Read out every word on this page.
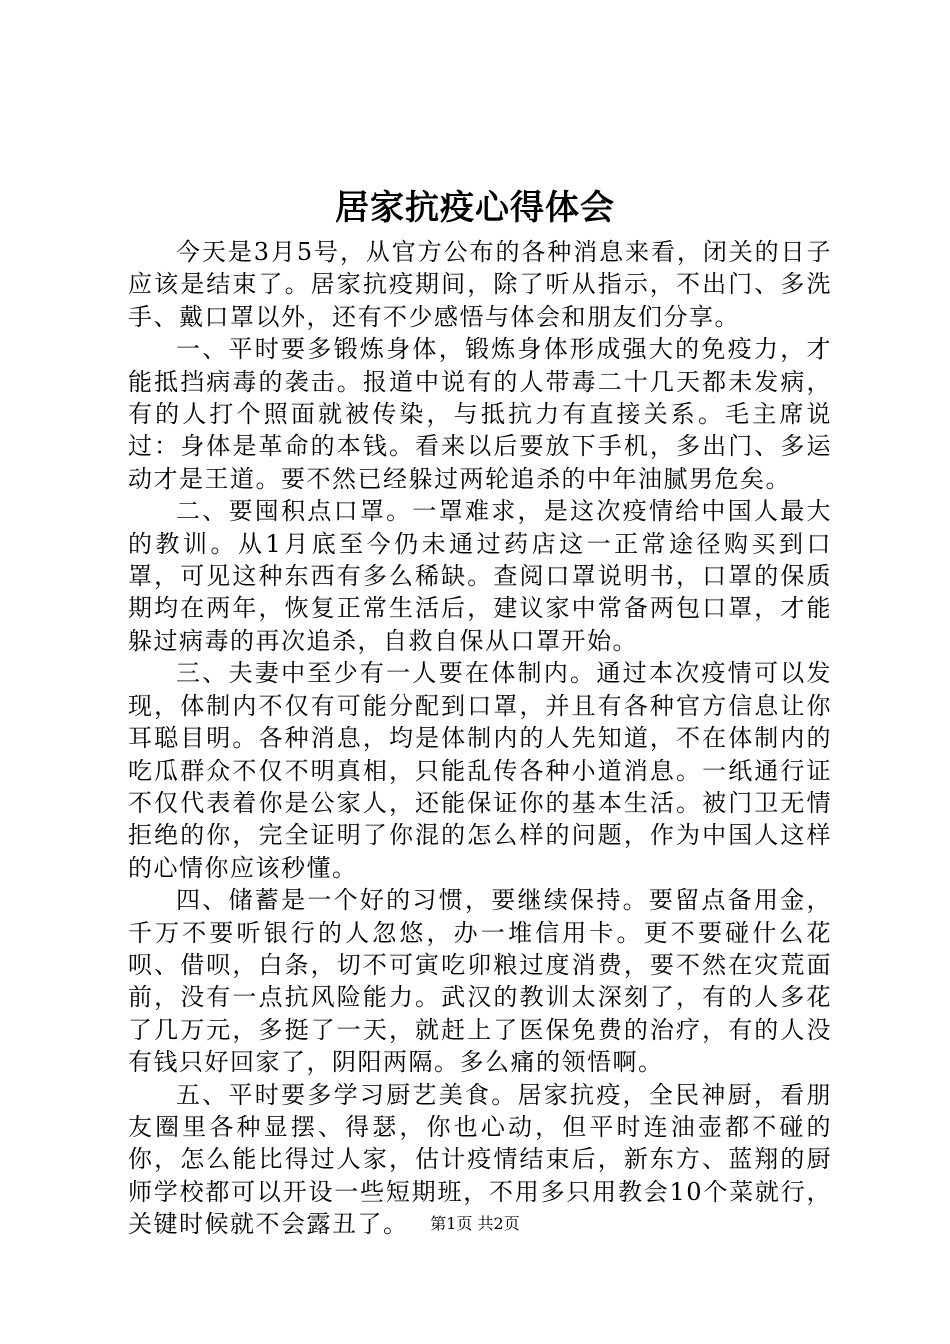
居家抗疫心得体会

今天是3月5号，从官方公布的各种消息来看，闭关的日子应该是结束了。居家抗疫期间，除了听从指示，不出门、多洗手、戴口罩以外，还有不少感悟与体会和朋友们分享。

一、平时要多锻炼身体，锻炼身体形成强大的免疫力，才能抵挡病毒的袭击。报道中说有的人带毒二十几天都未发病，有的人打个照面就被传染，与抵抗力有直接关系。毛主席说过：身体是革命的本钱。看来以后要放下手机，多出门、多运动才是王道。要不然已经躲过两轮追杀的中年油腻男危矣。

二、要囤积点口罩。一罩难求，是这次疫情给中国人最大的教训。从1月底至今仍未通过药店这一正常途径购买到口罩，可见这种东西有多么稀缺。查阅口罩说明书，口罩的保质期均在两年，恢复正常生活后，建议家中常备两包口罩，才能躲过病毒的再次追杀，自救自保从口罩开始。

三、夫妻中至少有一人要在体制内。通过本次疫情可以发现，体制内不仅有可能分配到口罩，并且有各种官方信息让你耳聪目明。各种消息，均是体制内的人先知道，不在体制内的吃瓜群众不仅不明真相，只能乱传各种小道消息。一纸通行证不仅代表着你是公家人，还能保证你的基本生活。被门卫无情拒绝的你，完全证明了你混的怎么样的问题，作为中国人这样的心情你应该秒懂。

四、储蓄是一个好的习惯，要继续保持。要留点备用金，千万不要听银行的人忽悠，办一堆信用卡。更不要碰什么花呗、借呗，白条，切不可寅吃卯粮过度消费，要不然在灾荒面前，没有一点抗风险能力。武汉的教训太深刻了，有的人多花了几万元，多挺了一天，就赶上了医保免费的治疗，有的人没有钱只好回家了，阴阳两隔。多么痛的领悟啊。

五、平时要多学习厨艺美食。居家抗疫，全民神厨，看朋友圈里各种显摆、得瑟，你也心动，但平时连油壶都不碰的你，怎么能比得过人家，估计疫情结束后，新东方、蓝翔的厨师学校都可以开设一些短期班，不用多只用教会10个菜就行，关键时候就不会露丑了。	第1页 共2页
